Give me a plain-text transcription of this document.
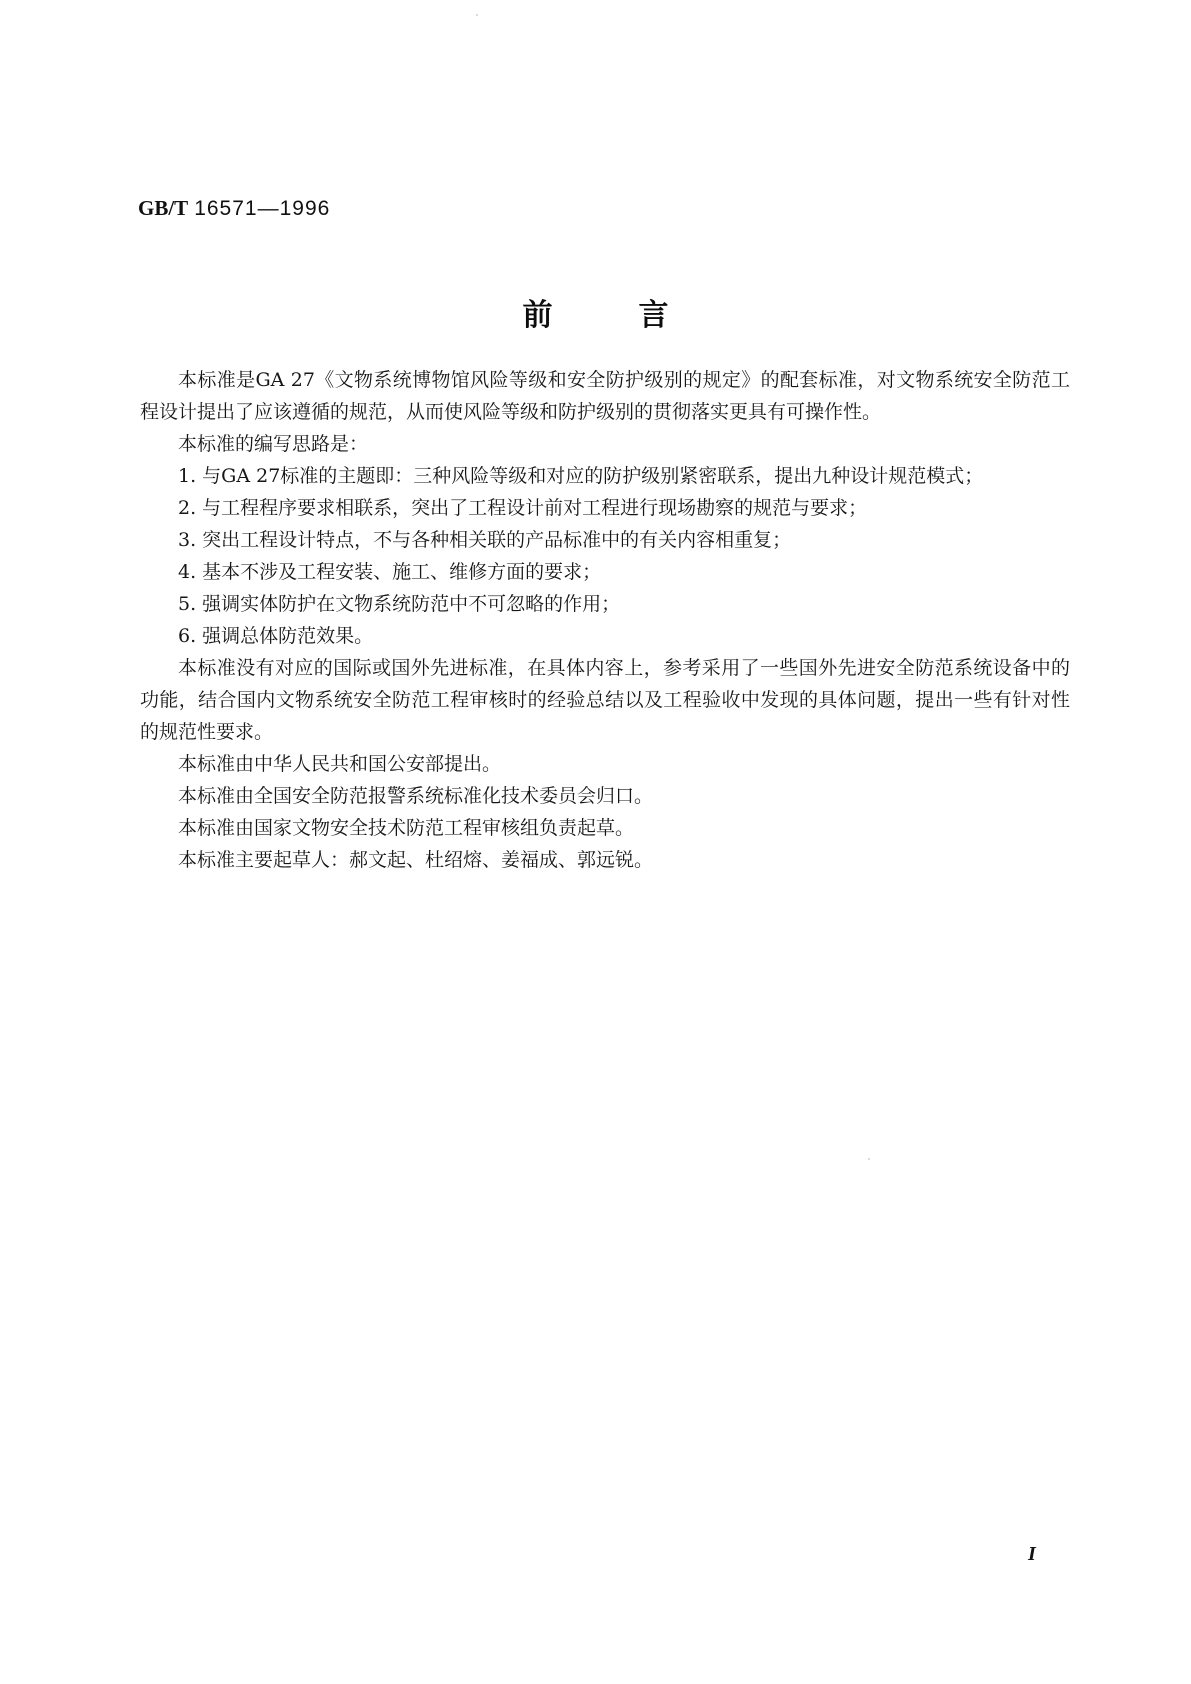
GB/T 16571—1996
前	言

本标准是GA 27《文物系统博物馆风险等级和安全防护级别的规定》的配套标准，对文物系统安全防范工程设计提出了应该遵循的规范，从而使风险等级和防护级别的贯彻落实更具有可操作性。

本标准的编写思路是：

1. 与GA 27标准的主题即：三种风险等级和对应的防护级别紧密联系，提出九种设计规范模式；

2. 与工程程序要求相联系，突出了工程设计前对工程进行现场勘察的规范与要求；

3. 突出工程设计特点，不与各种相关联的产品标准中的有关内容相重复；

4. 基本不涉及工程安装、施工、维修方面的要求；

5. 强调实体防护在文物系统防范中不可忽略的作用；

6. 强调总体防范效果。

本标准没有对应的国际或国外先进标准，在具体内容上，参考采用了一些国外先进安全防范系统设备中的功能，结合国内文物系统安全防范工程审核时的经验总结以及工程验收中发现的具体问题，提出一些有针对性的规范性要求。

本标准由中华人民共和国公安部提出。

本标准由全国安全防范报警系统标准化技术委员会归口。

本标准由国家文物安全技术防范工程审核组负责起草。

本标准主要起草人：郝文起、杜绍熔、姜福成、郭远锐。

I
